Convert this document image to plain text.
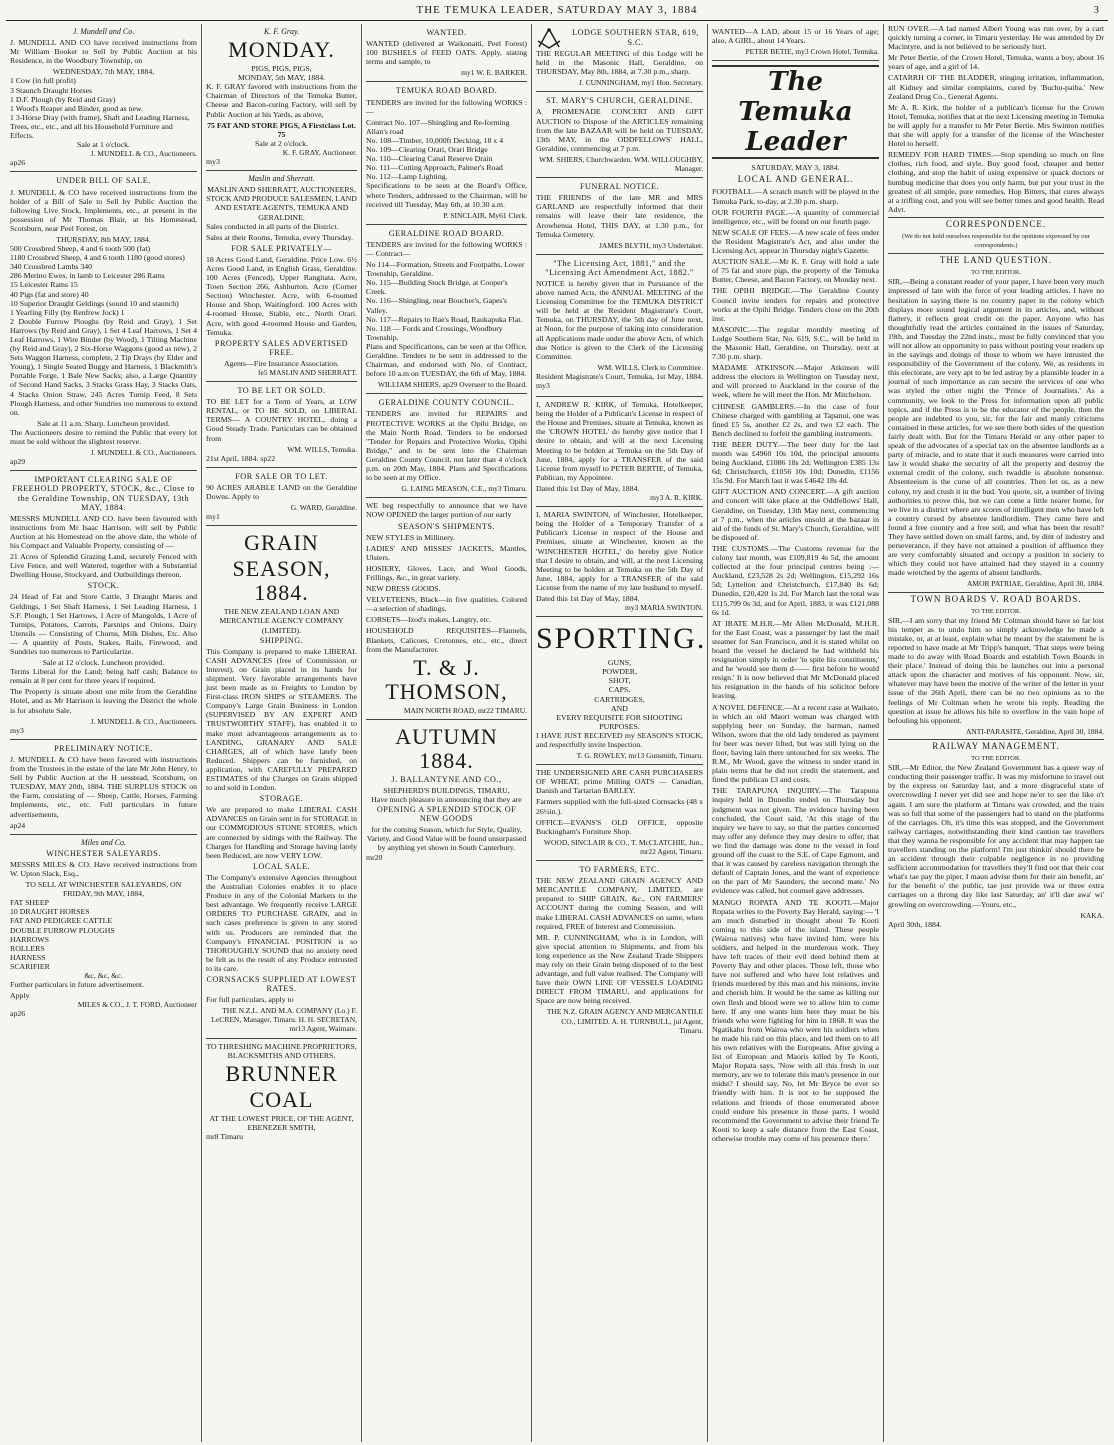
THE TEMUKA LEADER, SATURDAY MAY 3, 1884	3
J. Mundell and Co.
J. MUNDELL AND CO have received instructions from Mr William Booker to Sell by Public Auction at his Residence, in the Woodbury Township, on
WEDNESDAY, 7th MAY, 1884,
1 Cow (in full profit)
3 Staunch Draught Horses
1 D.F. Plough (by Reid and Gray)
1 Wood's Reaper and Binder, good as new.
1 3-Horse Dray (with frame), Shaft and Leading Harness, Trees, etc., etc., and all his Household Furniture and Effects.
Sale at 1 o'clock.
J. MUNDELL & CO., Auctioneers.
ap26
UNDER BILL OF SALE.
J. MUNDELL & CO have received instructions from the holder of a Bill of Sale to Sell by Public Auction the following Live Stock, Implements, etc., at present in the possession of Mr Thomas Blair, at his Homestead, Scotsburn, near Peel Forest, on
THURSDAY, 8th MAY, 1884.
500 Crossbred Sheep, 4 and 6 tooth 500 (fat)
1180 Crossbred Sheep, 4 and 6 tooth 1180 (good stores)
340 Crossbred Lambs 340
286 Merino Ewes, in lamb to Leicester 286 Rams
15 Leicester Rams 15
40 Pigs (fat and store) 40
10 Superior Draught Geldings (sound 10 and staunch)
1 Yearling Filly (by Renfrew Jock) 1
2 Double Furrow Ploughs (by Reid and Gray), 1 Set Harrows (by Reid and Gray), 1 Set 4 Leaf Harrows, 1 Set 4 Leaf Harrows, 1 Wire Binder (by Wood), 1 Tilting Machine (by Reid and Gray), 2 Six-Horse Waggons (good as new), 2 Sets Waggon Harness, complete, 2 Tip Drays (by Elder and Young), 1 Single Seated Buggy and Harness, 1 Blackmith's Portable Forge, 1 Bale New Sacks; also, a Large Quantity of Second Hand Sacks, 3 Stacks Grass Hay, 3 Stacks Oats, 4 Stacks Onion Straw, 245 Acres Turnip Feed, 8 Sets Plough Harness, and other Sundries too numerous to extend on.
Sale at 11 a.m. Sharp. Luncheon provided.
The Auctioneers desire to remind the Public that every lot must be sold without the slightest reserve.
J. MUNDELL & CO., Auctioneers.
ap29
IMPORTANT CLEARING SALE OF FREEHOLD PROPERTY, STOCK, &c., Close to the Geraldine Township, ON TUESDAY, 13th MAY, 1884.
MESSRS MUNDELL AND CO. have been favoured with instructions from Mr Isaac Harrison, will sell by Public Auction at his Homestead on the above date, the whole of his Compact and Valuable Property, consisting of —
21 Acres of Splendid Grazing Land, securely Fenced with Live Fence, and well Watered, together with a Substantial Dwelling House, Stockyard, and Outbuildings thereon.
STOCK.
24 Head of Fat and Store Cattle, 3 Draught Mares and Geldings, 1 Set Shaft Harness, 1 Set Leading Harness, 1 S.F. Plough, 1 Set Harrows, 1 Acre of Mangolds, 1 Acre of Turnips, Potatoes, Carrots, Parsnips and Onions. Dairy Utensils — Consisting of Churns, Milk Dishes, Etc. Also — A quantity of Posts, Stakes, Rails, Firewood, and Sundries too numerous to Particularize.
Sale at 12 o'clock. Luncheon provided.
Terms Liberal for the Land; being half cash; Balance to remain at 8 per cent for three years if required.
The Property is situate about one mile from the Geraldine Hotel, and as Mr Harrison is leaving the District the whole is for absolute Sale.
J. MUNDELL & CO., Auctioneers.
my3
PRELIMINARY NOTICE.
J. MUNDELL & CO have been favored with instructions from the Trustees in the estate of the late Mr John Henry, to Sell by Public Auction at the H uesstead, Scotsburn, on TUESDAY, MAY 20th, 1884. THE SURPLUS STOCK on the Farm, consisting of — Sheep, Cattle, Horses, Farming Implements, etc., etc. Full particulars in future advertisements,
ap24
Miles and Co.
WINCHESTER SALEYARDS.
MESSRS MILES & CO. Have received instructions from W. Upton Slack, Esq.,
TO SELL AT WINCHESTER SALEYARDS, ON
FRIDAY, 9th MAY, 1884,
FAT SHEEP
10 DRAUGHT HORSES
FAT AND PEDIGREE CATTLE
DOUBLE FURROW PLOUGHS
HARROWS
ROLLERS
HARNESS
SCARIFIER
&c, &c, &c.
Further particulars in future advertisement.
Apply
MILES & CO., J. T. FORD, Auctioneer
ap26
K. F. Gray.
MONDAY.
PIGS, PIGS, PIGS,
MONDAY, 5th MAY, 1884.
K. F. GRAY favored with instructions from the Chairman of Directors of the Temuka Butter, Cheese and Bacon-curing Factory, will sell by Public Auction at his Yards, as above,
75 FAT AND STORE PIGS, A Firstclass Lot. 75
Sale at 2 o'clock.
K. F. GRAY, Auctioneer.
my3
Maslin and Sherratt.
MASLIN AND SHERRATT, AUCTIONEERS, STOCK AND PRODUCE SALESMEN, LAND AND ESTATE AGENTS, TEMUKA AND GERALDINE.
Sales conducted in all parts of the District.
Sales at their Rooms, Temuka, every Thursday.
FOR SALE PRIVATELY—
18 Acres Good Land, Geraldine. Price Low. 6½ Acres Good Land, in English Grass, Geraldine. 100 Acres (Fenced), Upper Rangitata. Acre, Town Section 266, Ashburton. Acre (Corner Section) Winchester. Acre, with 6-roomed House and Shop, Waitingford. 100 Acres with 4-roomed House, Stable, etc., North Orari. Acre, with good 4-roomed House and Garden, Temuka.
PROPERTY SALES ADVERTISED FREE.
Agents—Fire Insurance Association.
fe5 MASLIN AND SHERRATT.
TO BE LET OR SOLD.
TO BE LET for a Term of Years, at LOW RENTAL, or TO BE SOLD, on LIBERAL TERMS— A COUNTRY HOTEL, doing a Good Steady Trade. Particulars can be obtained from
WM. WILLS, Temuka.
21st April, 1884. sp22
FOR SALE OR TO LET.
90 ACRES ARABLE LAND on the Geraldine Downs. Apply to
G. WARD, Geraldine.
my1
GRAIN
SEASON, 1884.
THE NEW ZEALAND LOAN AND MERCANTILE AGENCY COMPANY (LIMITED).
SHIPPING.
This Company is prepared to make LIBERAL CASH ADVANCES (free of Commission or Interest), on Grain placed in its hands for shipment. Very favorable arrangements have just been made as to Freights to London by First-class IRON SHIPS or STEAMERS. The Company's Large Grain Business in London (SUPERVISED BY AN EXPERT AND TRUSTWORTHY STAFF), has enabled it to make most advantageous arrangements as to LANDING, GRANARY AND SALE CHARGES, all of which have lately been Reduced. Shippers can be furnished, on application, with CAREFULLY PREPARED ESTIMATES of the Charges on Grain shipped to and sold in London.
STORAGE.
We are prepared to make LIBERAL CASH ADVANCES on Grain sent in for STORAGE in our COMMODIOUS STONE STORES, which are connected by sidings with the Railway. The Charges for Handling and Storage having lately been Reduced, are now VERY LOW.
LOCAL SALE.
The Company's extensive Agencies throughout the Australian Colonies enables it to place Produce in any of the Colonial Markets to the best advantage. We frequently receive LARGE ORDERS TO PURCHASE GRAIN, and in such cases preference is given to any stored with us. Producers are reminded that the Company's FINANCIAL POSITION is so THOROUGHLY SOUND that no anxiety need be felt as to the result of any Produce entrusted to its care.
CORNSACKS SUPPLIED AT LOWEST RATES.
For full particulars, apply to
THE N.Z.L. AND M.A. COMPANY (Lo.) F. LeCREN, Manager, Timaru. H. H. SECRETAN, mr13 Agent, Waimate.
TO THRESHING MACHINE PROPRIETORS, BLACKSMITHS AND OTHERS.
BRUNNER
COAL
AT THE LOWEST PRICE, OF THE AGENT, EBENEZER SMITH,
mr8 Timaru
WANTED.
WANTED (delivered at Waikonaiti, Peel Forest) 100 BUSHELS of FEED OATS. Apply, stating terms and sample, to
my1 W. E. BARKER.
TEMUKA ROAD BOARD.
TENDERS are invited for the following WORKS :—
Contract No. 107—Shingling and Re-forming Allan's road
No. 108—Timber, 10,000ft Decking, 18 x 4
No. 109—Clearing Orari, Orari Bridge
No. 110—Clearing Canal Reserve Drain
No. 111—Cutting Approach, Palmer's Road
No. 112—Lamp Lighting.
Specifications to be seen at the Board's Office, where Tenders, addressed to the Chairman, will be received till Tuesday, May 6th, at 10.30 a.m.
P. SINCLAIR, My61 Clerk.
GERALDINE ROAD BOARD.
TENDERS are invited for the following WORKS :— Contract—
No 114—Formation, Streets and Footpaths, Lower Township, Geraldine.
No. 115—Building Stock Bridge, at Cooper's Creek.
No. 116—Shingling, near Boucher's, Gapes's Valley.
No. 117—Repairs to Rae's Road, Raukapuka Flat.
No. 118 — Fords and Crossings, Woodbury Township.
Plans and Specifications, can be seen at the Office, Geraldine. Tenders to be sent in addressed to the Chairman, and endorsed with No. of Contract, before 10 a.m on TUESDAY, the 6th of May, 1884.
WILLIAM SHIERS, ap29 Overseer to the Board.
GERALDINE COUNTY COUNCIL.
TENDERS are invited for REPAIRS and PROTECTIVE WORKS at the Opihi Bridge, on the Main North Road. Tenders to be endorsed "Tender for Repairs and Protective Works, Opihi Bridge," and to be sent into the Chairman Geraldine County Council, not later than 4 o'clock p.m. on 20th May, 1884. Plans and Specifications to be seen at my Office.
G. LAING MEASON, C.E., my3 Timaru.
WE beg respectfully to announce that we have NOW OPENED the larger portion of our early
SEASON'S SHIPMENTS.
NEW STYLES in Millinery.
LADIES' AND MISSES' JACKETS, Mantles, Ulsters.
HOSIERY, Gloves, Lace, and Wool Goods, Frillings, &c., in great variety.
NEW DRESS GOODS.
VELVETEENS, Black—in five qualities. Colored—a selection of shadings.
CORSETS—Izod's makes, Langtry, etc.
HOUSEHOLD REQUISITES—Flannels, Blankets, Calicoes, Cretonnes, etc., etc., direct from the Manufacturer.
T. & J. THOMSON,
MAIN NORTH ROAD, mr22 TIMARU.
AUTUMN 1884.
J. BALLANTYNE AND CO.,
SHEPHERD'S BUILDINGS, TIMARU,
Have much pleasure in announcing that they are
OPENING A SPLENDID STOCK OF NEW GOODS
for the coming Season, which for Style, Quality, Variety, and Good Value will be found unsurpassed by anything yet shown in South Canterbury.
mr20
LODGE SOUTHERN STAR, 619, S.C.
THE REGULAR MEETING of this Lodge will be held in the Masonic Hall, Geraldine, on THURSDAY, May 8th, 1884, at 7.30 p.m., sharp.
J. CUNNINGHAM, my1 Hon. Secretary.
ST. MARY'S CHURCH, GERALDINE.
A PROMENADE CONCERT AND GIFT AUCTION to Dispose of the ARTICLES remaining from the late BAZAAR will be held on TUESDAY, 13th MAY, in the ODDFELLOWS' HALL, Geraldine, commencing at 7 p.m.
WM. SHIERS, Churchwarden. WM. WILLOUGHBY, Manager.
FUNERAL NOTICE.
THE FRIENDS of the late MR and MRS GARLAND are respectfully informed that their remains will leave their late residence, the Arowhenua Hotel, THIS DAY, at 1.30 p.m., for Temuka Cemetery.
JAMES BLYTH, my3 Undertaker.
"The Licensing Act, 1881," and the "Licensing Act Amendment Act, 1882."
NOTICE is hereby given that in Pursuance of the above named Acts, the ANNUAL MEETING of the Licensing Committee for the TEMUKA DISTRICT will be held at the Resident Magistrate's Court, Temuka, on THURSDAY, the 5th day of June next, at Noon, for the purpose of taking into consideration all Applications made under the above Acts, of which due Notice is given to the Clerk of the Licensing Committee.
WM. WILLS, Clerk to Committee.
Resident Magistrate's Court, Temuka, 1st May, 1884. my3
I, ANDREW R. KIRK, of Temuka, Hotelkeeper, being the Holder of a Publican's License in respect of the House and Premises, situate at Temuka, known as the 'CROWN HOTEL' do hereby give notice that I desire to obtain, and will at the next Licensing Meeting to be holden at Temuka on the 5th Day of June, 1884, apply for a TRANSFER of the said License from myself to PETER BERTIE, of Temuka, Publican, my Appointee.
Dated this 1st Day of May, 1884.
my3 A. R. KIRK.
I, MARIA SWINTON, of Winchester, Hotelkeeper, being the Holder of a Temporary Transfer of a Publican's License in respect of the House and Premises, situate at Winchester, known as the 'WINCHESTER HOTEL,' do hereby give Notice that I desire to obtain, and will, at the next Licensing Meeting to be holden at Temuka on the 5th Day of June, 1884, apply for a TRANSFER of the said License from the name of my late husband to myself.
Dated this 1st Day of May, 1884.
my3 MARIA SWINTON.
SPORTING.
GUNS,
POWDER,
SHOT,
CAPS,
CARTRIDGES,
AND
EVERY REQUISITE FOR SHOOTING PURPOSES.
I HAVE JUST RECEIVED my SEASON'S STOCK, and respectfully invite Inspection.
T. G. ROWLEY, mr13 Gunsmith, Timaru.
THE UNDERSIGNED ARE CASH PURCHASERS OF WHEAT, prime Milling OATS — Canadian, Danish and Tartarian BARLEY.
Farmers supplied with the full-sized Cornsacks (48 x 26½in.).
OFFICE—EVANS'S OLD OFFICE, opposite Buckingham's Furniture Shop.
WOOD, SINCLAIR & CO., T. McCLATCHIE, Jun., mr22 Agent, Timaru.
TO FARMERS, ETC.
THE NEW ZEALAND GRAIN AGENCY AND MERCANTILE COMPANY, LIMITED, are prepared to SHIP GRAIN, &c., ON FARMERS' ACCOUNT during the coming Season, and will make LIBERAL CASH ADVANCES on same, when required, FREE of Interest and Commission.
MR. P. CUNNINGHAM, who is in London, will give special attention to Shipments, and from his long experience as the New Zealand Trade Shippers may rely on their Grain being disposed of to the best advantage, and full value realised. The Company will have their OWN LINE OF VESSELS LOADING DIRECT FROM TIMARU, and applications for Space are now being received.
THE N.Z. GRAIN AGENCY AND MERCANTILE CO., LIMITED. A. H. TURNBULL, jul Agent, Timaru.
WANTED—A LAD, about 15 or 16 Years of age; also, A GIRL, about 14 Years.
PETER BETIE, my3 Crown Hotel, Temuka.
The Temuka Leader
SATURDAY, MAY 3, 1884.
LOCAL AND GENERAL.
FOOTBALL.—A scratch match will be played in the Temuka Park, to-day, at 2.30 p.m. sharp.
OUR FOURTH PAGE.—A quantity of commercial intelligence, etc., will be found on our fourth page.
NEW SCALE OF FEES.—A new scale of fees under the Resident Magistrate's Act, and also under the Licensing Act, appear in Thursday night's Gazette.
AUCTION SALE.—Mr K. F. Gray will hold a sale of 75 fat and store pigs, the property of the Temuka Butter, Cheese, and Bacon Factory, on Monday next.
THE OPIHI BRIDGE.—The Geraldine County Council invite tenders for repairs and protective works at the Opihi Bridge. Tenders close on the 20th inst.
MASONIC.—The regular monthly meeting of Lodge Southern Star, No. 619, S.C., will be held in the Masonic Hall, Geraldine, on Thursday, next at 7.30 p.m. sharp.
MADAME ATKINSON.—Major Atkinson will address the electors in Wellington on Tuesday next, and will proceed to Auckland in the course of the week, where he will meet the Hon. Mr Mitchelson.
CHINESE GAMBLERS.—In the case of four Chinese charged with gambling at Tapanui, one was fined £5 5s, another £2 2s, and two £2 each. The Bench declined to forfeit the gambling instruments.
THE BEER DUTY.—The beer duty for the last month was £4960 10s 10d, the principal amounts being Auckland, £1086 18s 2d; Wellington £385 13s 6d; Christchurch, £1056 10s 10d; Dunedin, £1156 15s 9d. For March last it was £4642 18s 4d.
GIFT AUCTION AND CONCERT.—A gift auction and concert will take place at the Oddfellows' Hall, Geraldine, on Tuesday, 13th May next, commencing at 7 p.m., when the articles unsold at the bazaar in aid of the funds of St. Mary's Church, Geraldine, will be disposed of.
THE CUSTOMS.—The Customs revenue for the colony last month, was £109,819 4s 5d, the amount collected at the four principal centres being :— Auckland, £23,528 2s 2d; Wellington, £15,292 16s 5d; Lyttelton and Christchurch, £17,840 8s 6d; Dunedin, £20,420 1s 2d. For March last the total was £115,799 0s 3d, and for April, 1883, it was £121,088 6s 1d.
AT IRATE M.H.R.—Mr Allen McDonald, M.H.R. for the East Coast, was a passenger by last the mail steamer for San Francisco, and it is stated whilst on board the vessel he declared he had withheld his resignation simply in order 'to spite his constituents,' and he 'would see them d—— first before he would resign.' It is now believed that Mr McDonald placed his resignation in the hands of his solicitor before leaving.
A NOVEL DEFENCE.—At a recent case at Waikato, in which an old Maori woman was charged with supplying beer on Sunday, the barman, named Wilson, swore that the old lady tendered as payment for beer was never lifted, but was still lying on the floor, having lain there untouched for six weeks. The R.M., Mr Wood, gave the witness to under stand in plain terms that he did not credit the statement, and fined the publican £3 and costs.
THE TARAPUNA INQUIRY.—The Tarapuna inquiry held in Dunedin ended on Thursday but judgment was not given. The evidence having been concluded, the Court said, 'At this stage of the inquiry we have to say, so that the parties concerned may offer any defence they may desire to offer, that we find the damage was done to the vessel in foul ground off the coast to the S.E. of Cape Egmont, and that it was caused by careless navigation through the default of Captain Jones, and the want of experience on the part of Mr Saunders, the second mate.' No evidence was called, but counsel gave addresses.
MANGO ROPATA AND TE KOOTI.—Major Ropata writes to the Poverty Bay Herald, saying:— 'I am much disturbed in thought about Te Kooti coming to this side of the island. These people (Wairoa natives) who have invited him, were his soldiers, and helped in the murderous work. They have left traces of their evil deed behind them at Poverty Bay and other places. Those left, those who have not suffered and who have lost relatives and friends murdered by this man and his minions, invite and cherish him. It would be the same as killing our own flesh and blood were we to allow him to come here. If any one wants him here they must be his friends who were fighting for him in 1868. It was the Ngatikahu from Wairoa who were his soldiers when he made his raid on this place, and led them on to all his own relatives with the Europeans. After giving a list of European and Maoris killed by Te Kooti, Major Ropata says, 'Now with all this fresh in our memory, are we to tolerate this man's presence in our midst? I should say, No, let Mr Bryce be ever so friendly with him. It is not to be supposed the relations and friends of those enumerated above could endure his presence in those parts. I would recommend the Government to advise their friend Te Kooti to keep a safe distance from the East Coast, otherwise trouble may come of his presence there.'
RUN OVER.—A lad named Albert Young was run over, by a cart quickly turning a corner, in Timaru yesterday. He was attended by Dr Macintyre, and is not believed to be seriously hurt.
Mr Peter Bertie, of the Crown Hotel, Temuka, wants a boy, about 16 years of age, and a girl of 14.
CATARRH OF THE BLADDER, stinging irritation, inflammation, all Kidney and similar complaints, cured by 'Buchu-paiba.' New Zealand Drug Co., General Agents.
Mr A. R. Kirk, the holder of a publican's license for the Crown Hotel, Temuka, notifies that at the next Licensing meeting in Temuka he will apply for a transfer to Mr Peter Bertie. Mrs Swinton notifies that she will apply for a transfer of the license of the Winchester Hotel to herself.
REMEDY FOR HARD TIMES.—Stop spending so much on fine clothes, rich food, and style. Buy good food, cheaper and better clothing, and stop the habit of using expensive or quack doctors or humbug medicine that does you only harm, but put your trust in the greatest of all simple, pure remedies, Hop Bitters, that cures always at a trifling cost, and you will see better times and good health. Read Advt.
CORRESPONDENCE.
(We do not hold ourselves responsible for the opinions expressed by our correspondents.)
THE LAND QUESTION.
TO THE EDITOR.
SIR,—Being a constant reader of your paper, I have been very much impressed of late with the force of your leading articles. I have no hesitation in saying there is no country paper in the colony which displays more sound logical argument in its articles, and, without flattery, it reflects great credit on the paper. Anyone who has thoughtfully read the articles contained in the issues of Saturday, 19th, and Tuesday the 22nd insts., must be fully convinced that you will not allow an opportunity to pass without posting your readers up in the sayings and doings of those to whom we have intrusted the responsibility of the Government of the colony. We, as residents in this electorate, are very apt to be led astray by a plausible leader in a journal of such importance as can secure the services of one who was styled the other night the 'Prince of Journalists.' As a community, we look to the Press for information upon all public topics, and if the Press is to be the educator of the people, then the people are indebted to you, sir, for the fair and manly criticisms contained in these articles, for we see there both sides of the question fairly dealt with. But for the Timaru Herald or any other paper to speak of the advocates of a special tax on the absentee landlords as a party of miracle, and to state that it such measures were carried into law it would shake the security of all the property and destroy the external credit of the colony, such twaddle is absolute nonsense. Absenteeism is the curse of all countries. Then let us, as a new colony, try and crush it in the bud. You quote, sir, a number of living authorities to prove this, but we can come a little nearer home, for we live in a district where are scores of intelligent men who have left a country cursed by absentee landlordism. They came here and found a free country and a free soil, and what has been the result? They have settled down on small farms, and, by dint of industry and perseverance, if they have not attained a position of affluence they are very comfortably situated and occupy a position in society to which they could not have attained had they stayed in a country made wretched by the agents of absent landlords.
AMOR PATRIAE, Geraldine, April 30, 1884.
TOWN BOARDS V. ROAD BOARDS.
TO THE EDITOR.
SIR,—I am sorry that my friend Mr Coltman should have so far lost his temper as to undo him so simply acknowledge he made a mistake, or, at at least, explain what he meant by the statement he is reported to have made at Mr Tripp's banquet, 'That steps were being made to do away with Road Boards and establish Town Boards in their place.' Instead of doing this he launches out into a personal attack upon the character and motives of his opponent. Now, sir, whatever may have been the motive of the writer of the letter in your issue of the 26th April, there can be no two opinions as to the feelings of Mr Coltman when he wrote his reply. Reading the question at issue he allows his bile to overflow in the vain hope of befouling his opponent.
ANTI-PARASITE, Geraldine, April 30, 1884.
RAILWAY MANAGEMENT.
TO THE EDITOR.
SIR,—Mr Editor, the New Zealand Government has a queer way of conducting their passenger traffic. It was my misfortune to travel out by the express on Saturday last, and a more disgraceful state of overcrowding I never yet did see and hope ne'er to see the like o't again. I am sure the platform at Timaru was crowded, and the train was so full that some of the passengers had to stand on the platforms of the carriages. Oh, it's time this was stopped, and the Government railway carriages, notwithstanding their kind caution tae travellers that they wanna be responsible for any accident that may happen tae travellers standing on the platform! I'm just thinkin' should there be an accident through their culpable negligence in no providing sufficient accommodation for travellers they'll find oot that their cost what's tae pay the piper. I maun advise them for their ain benefit, an' for the benefit o' the public, tae just provide twa or three extra carriages on a throng day like last Saturday, an' it'll dae awa' wi' growling on overcrowding.—Yours, etc.,
KAKA.
April 30th, 1884.
